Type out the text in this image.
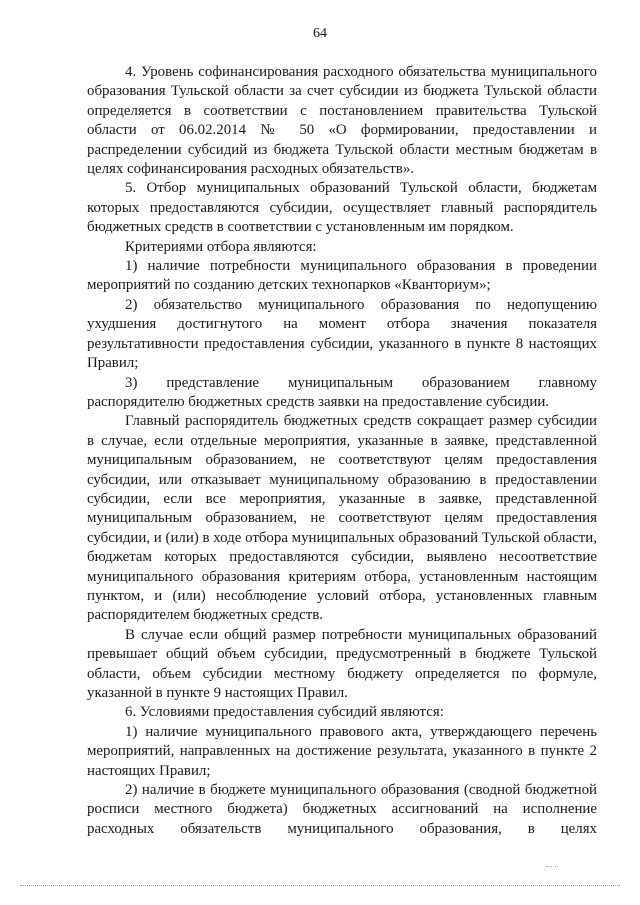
64

4. Уровень софинансирования расходного обязательства муниципального образования Тульской области за счет субсидии из бюджета Тульской области определяется в соответствии с постановлением правительства Тульской области от 06.02.2014 № 50 «О формировании, предоставлении и распределении субсидий из бюджета Тульской области местным бюджетам в целях софинансирования расходных обязательств».

5. Отбор муниципальных образований Тульской области, бюджетам которых предоставляются субсидии, осуществляет главный распорядитель бюджетных средств в соответствии с установленным им порядком.

Критериями отбора являются:

1) наличие потребности муниципального образования в проведении мероприятий по созданию детских технопарков «Кванториум»;

2) обязательство муниципального образования по недопущению ухудшения достигнутого на момент отбора значения показателя результативности предоставления субсидии, указанного в пункте 8 настоящих Правил;

3) представление муниципальным образованием главному распорядителю бюджетных средств заявки на предоставление субсидии.

Главный распорядитель бюджетных средств сокращает размер субсидии в случае, если отдельные мероприятия, указанные в заявке, представленной муниципальным образованием, не соответствуют целям предоставления субсидии, или отказывает муниципальному образованию в предоставлении субсидии, если все мероприятия, указанные в заявке, представленной муниципальным образованием, не соответствуют целям предоставления субсидии, и (или) в ходе отбора муниципальных образований Тульской области, бюджетам которых предоставляются субсидии, выявлено несоответствие муниципального образования критериям отбора, установленным настоящим пунктом, и (или) несоблюдение условий отбора, установленных главным распорядителем бюджетных средств.

В случае если общий размер потребности муниципальных образований превышает общий объем субсидии, предусмотренный в бюджете Тульской области, объем субсидии местному бюджету определяется по формуле, указанной в пункте 9 настоящих Правил.

6. Условиями предоставления субсидий являются:

1) наличие муниципального правового акта, утверждающего перечень мероприятий, направленных на достижение результата, указанного в пункте 2 настоящих Правил;

2) наличие в бюджете муниципального образования (сводной бюджетной росписи местного бюджета) бюджетных ассигнований на исполнение расходных обязательств муниципального образования, в целях
